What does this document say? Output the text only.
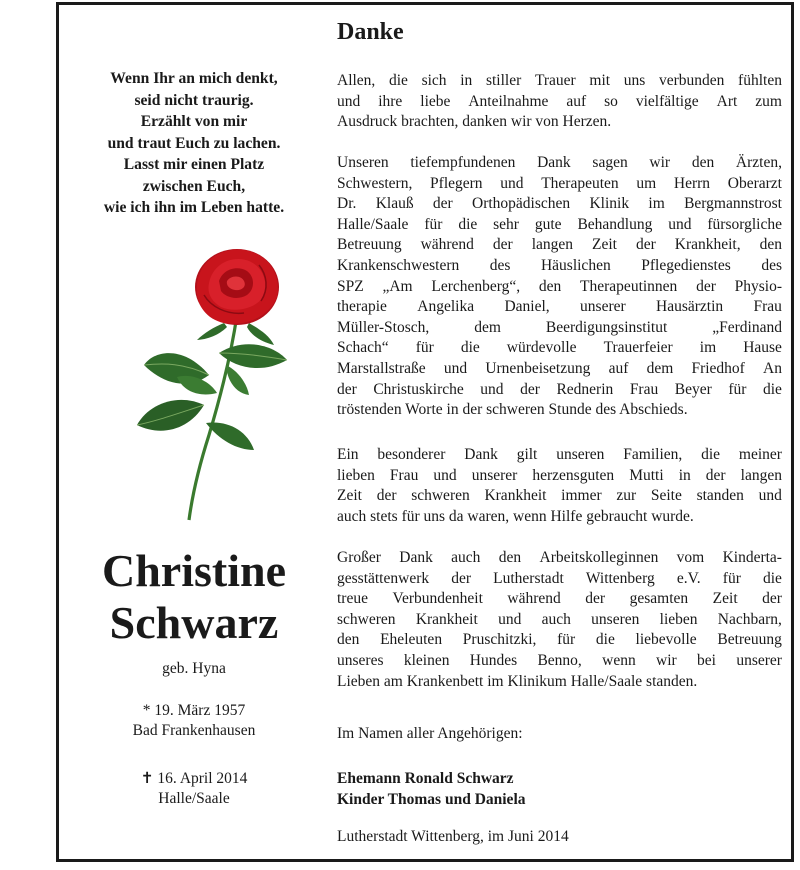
Wenn Ihr an mich denkt,
seid nicht traurig.
Erzählt von mir
und traut Euch zu lachen.
Lasst mir einen Platz
zwischen Euch,
wie ich ihn im Leben hatte.
Christine
Schwarz
geb. Hyna
* 19. März 1957
Bad Frankenhausen
✝ 16. April 2014
Halle/Saale
Danke
Allen, die sich in stiller Trauer mit uns verbunden fühlten
und ihre liebe Anteilnahme auf so vielfältige Art zum
Ausdruck brachten, danken wir von Herzen.
Unseren tiefempfundenen Dank sagen wir den Ärzten,
Schwestern, Pflegern und Therapeuten um Herrn Oberarzt
Dr. Klauß der Orthopädischen Klinik im Bergmannstrost
Halle/Saale für die sehr gute Behandlung und fürsorgliche
Betreuung während der langen Zeit der Krankheit, den
Krankenschwestern des Häuslichen Pflegedienstes des
SPZ „Am Lerchenberg“, den Therapeutinnen der Physio-
therapie Angelika Daniel, unserer Hausärztin Frau
Müller-Stosch,	dem	Beerdigungsinstitut	„Ferdinand
Schach“ für die würdevolle Trauerfeier im Hause
Marstallstraße und Urnenbeisetzung auf dem Friedhof An
der Christuskirche und der Rednerin Frau Beyer für die
tröstenden Worte in der schweren Stunde des Abschieds.
Ein besonderer Dank gilt unseren Familien, die meiner
lieben Frau und unserer herzensguten Mutti in der langen
Zeit der schweren Krankheit immer zur Seite standen und
auch stets für uns da waren, wenn Hilfe gebraucht wurde.
Großer Dank auch den Arbeitskolleginnen vom Kinderta-
gesstättenwerk der Lutherstadt Wittenberg e.V. für die
treue Verbundenheit während der gesamten Zeit der
schweren Krankheit und auch unseren lieben Nachbarn,
den Eheleuten Pruschitzki, für die liebevolle Betreuung
unseres kleinen Hundes Benno, wenn wir bei unserer
Lieben am Krankenbett im Klinikum Halle/Saale standen.
Im Namen aller Angehörigen:
Ehemann Ronald Schwarz
Kinder Thomas und Daniela
Lutherstadt Wittenberg, im Juni 2014
